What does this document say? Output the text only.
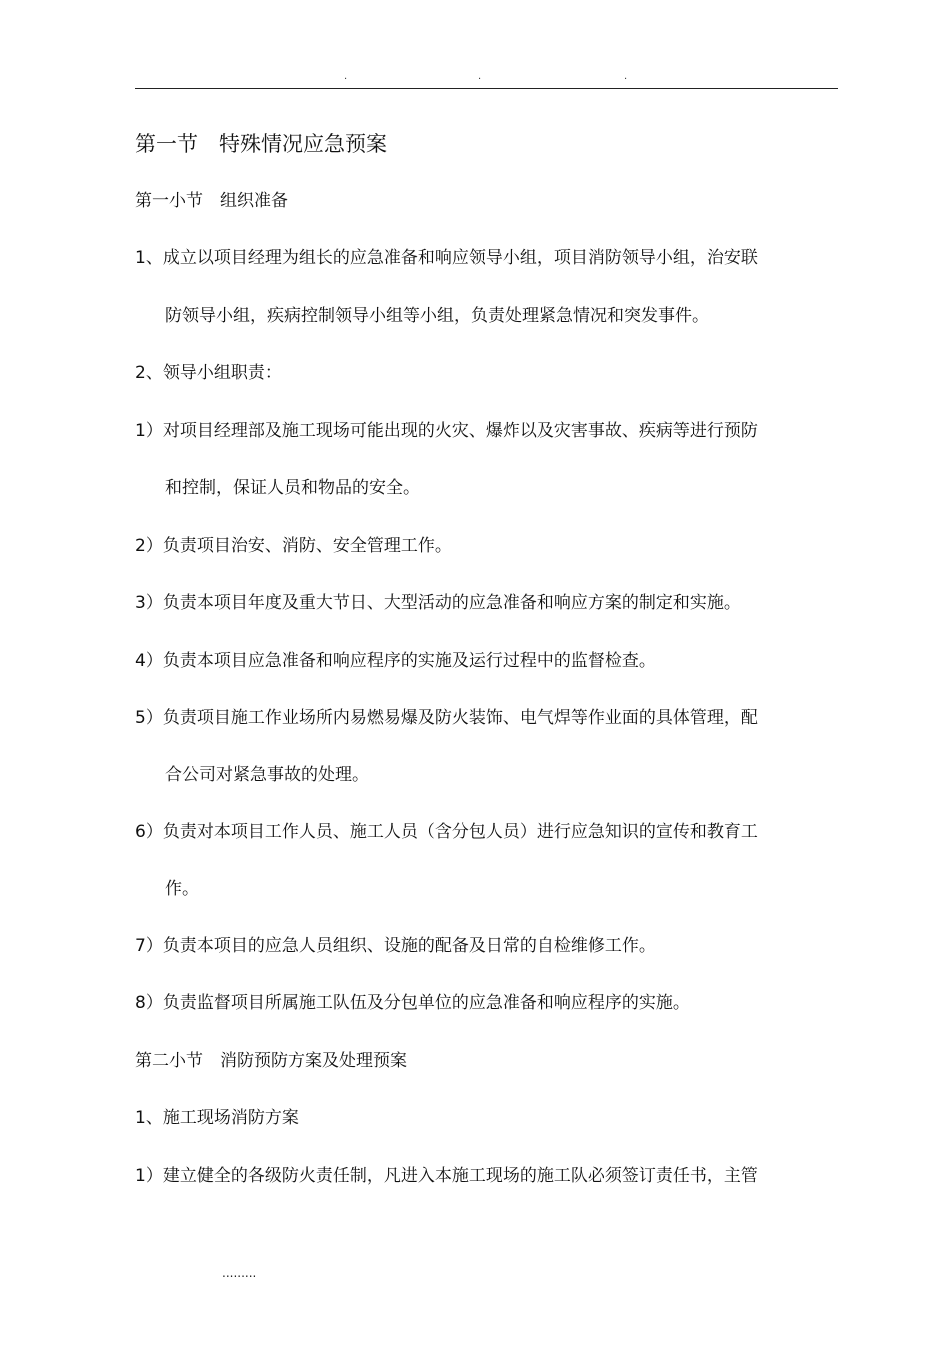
.	.	.
第一节　特殊情况应急预案
第一小节　组织准备
1、成立以项目经理为组长的应急准备和响应领导小组，项目消防领导小组，治安联
防领导小组，疾病控制领导小组等小组，负责处理紧急情况和突发事件。
2、领导小组职责：
1）对项目经理部及施工现场可能出现的火灾、爆炸以及灾害事故、疾病等进行预防
和控制，保证人员和物品的安全。
2）负责项目治安、消防、安全管理工作。
3）负责本项目年度及重大节日、大型活动的应急准备和响应方案的制定和实施。
4）负责本项目应急准备和响应程序的实施及运行过程中的监督检查。
5）负责项目施工作业场所内易燃易爆及防火装饰、电气焊等作业面的具体管理，配
合公司对紧急事故的处理。
6）负责对本项目工作人员、施工人员（含分包人员）进行应急知识的宣传和教育工
作。
7）负责本项目的应急人员组织、设施的配备及日常的自检维修工作。
8）负责监督项目所属施工队伍及分包单位的应急准备和响应程序的实施。
第二小节　消防预防方案及处理预案
1、施工现场消防方案
1）建立健全的各级防火责任制，凡进入本施工现场的施工队必须签订责任书，主管
.........
